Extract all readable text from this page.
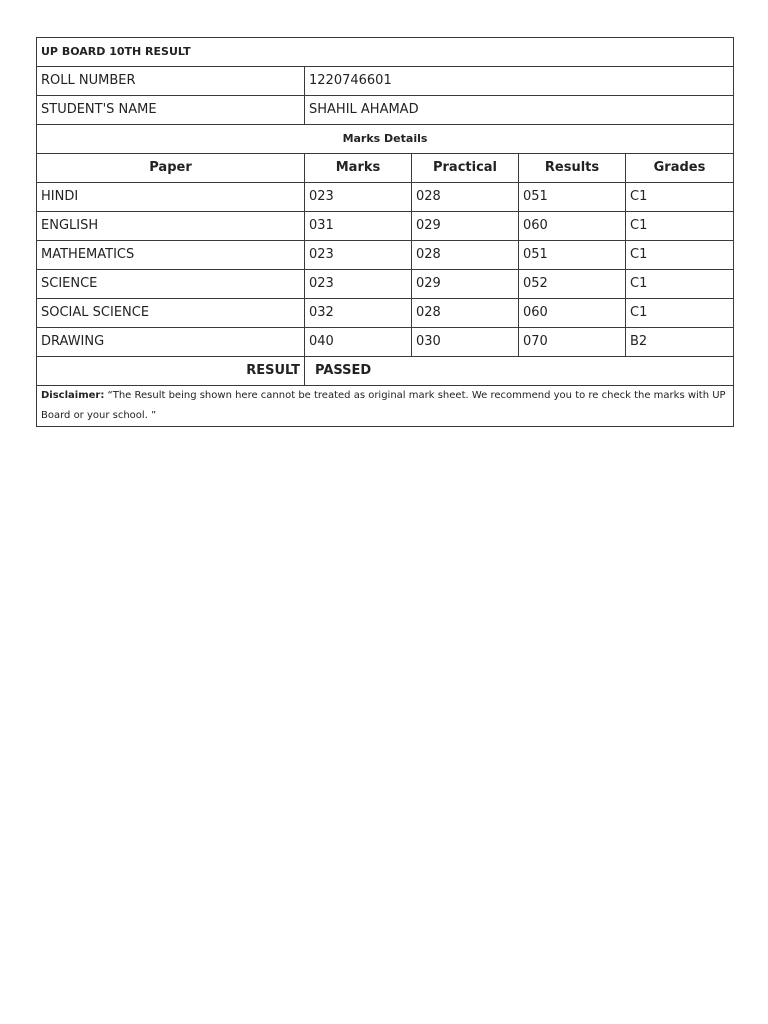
UP BOARD 10TH RESULT				
ROLL NUMBER	1220746601			
STUDENT'S NAME	SHAHIL AHAMAD			
Marks Details				
Paper	Marks	Practical	Results	Grades
HINDI	023	028	051	C1
ENGLISH	031	029	060	C1
MATHEMATICS	023	028	051	C1
SCIENCE	023	029	052	C1
SOCIAL SCIENCE	032	028	060	C1
DRAWING	040	030	070	B2
RESULT	PASSED			
Disclaimer: “The Result being shown here cannot be treated as original mark sheet. We recommend you to re check the marks with UP Board or your school. ”				
